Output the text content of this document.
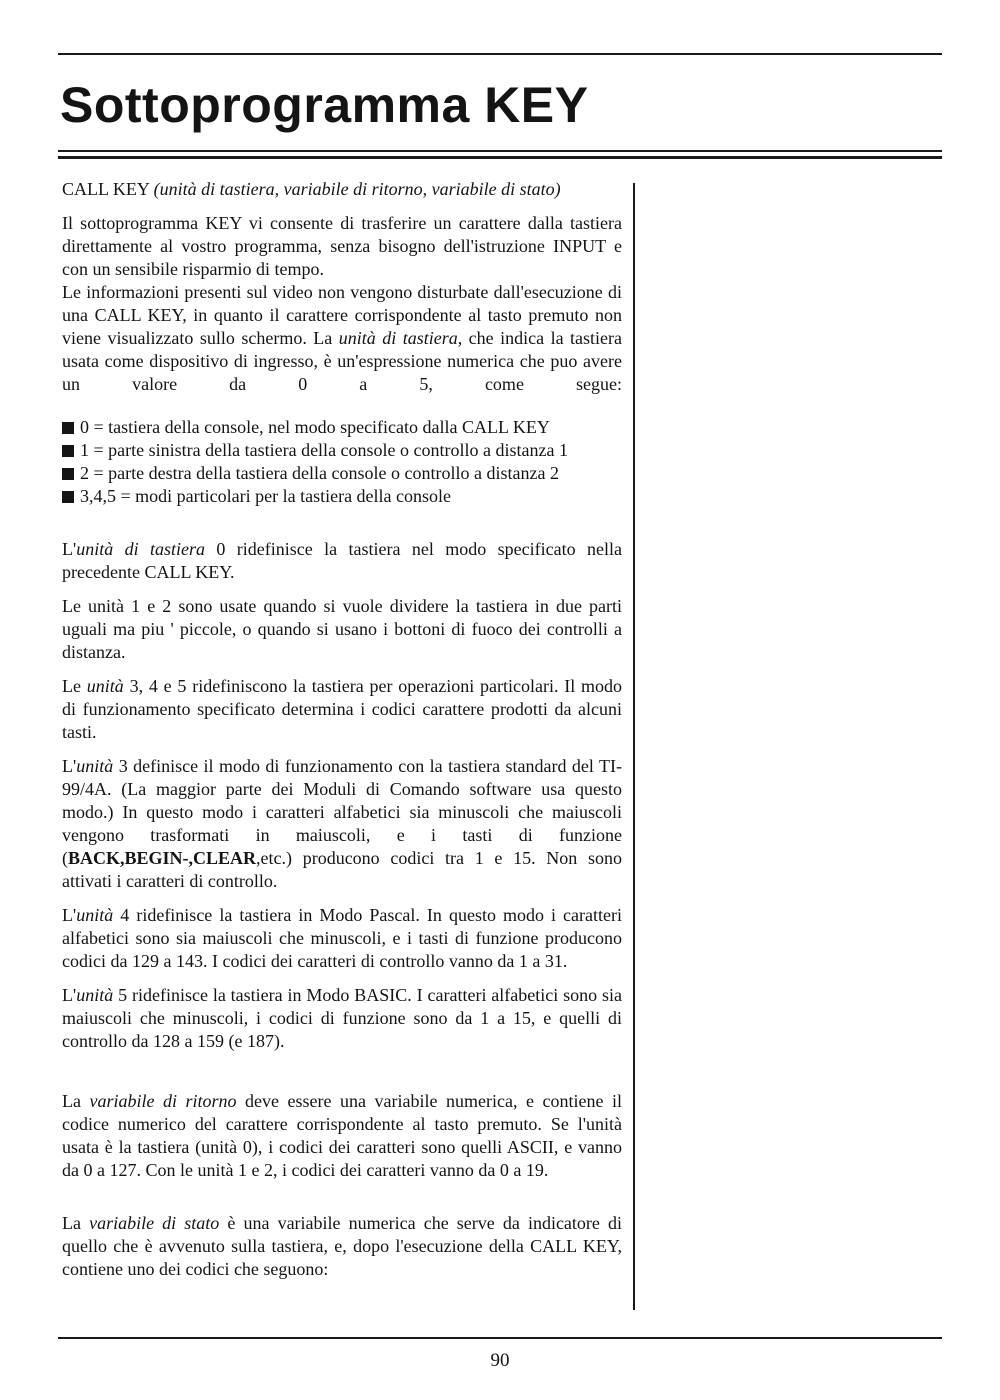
Sottoprogramma KEY

CALL KEY (unità di tastiera, variabile di ritorno, variabile di stato)

Il sottoprogramma KEY vi consente di trasferire un carattere dalla tastiera direttamente al vostro programma, senza bisogno dell'istruzione INPUT e con un sensibile risparmio di tempo.

Le informazioni presenti sul video non vengono disturbate dall'esecuzione di una CALL KEY, in quanto il carattere corrispondente al tasto premuto non viene visualizzato sullo schermo. La unità di tastiera, che indica la tastiera usata come dispositivo di ingresso, è un'espressione numerica che puo avere un valore da 0 a 5, come segue:

0 = tastiera della console, nel modo specificato dalla CALL KEY
1 = parte sinistra della tastiera della console o controllo a distanza 1
2 = parte destra della tastiera della console o controllo a distanza 2
3,4,5 = modi particolari per la tastiera della console

L'unità di tastiera 0 ridefinisce la tastiera nel modo specificato nella precedente CALL KEY.

Le unità 1 e 2 sono usate quando si vuole dividere la tastiera in due parti uguali ma piu ' piccole, o quando si usano i bottoni di fuoco dei controlli a distanza.

Le unità 3, 4 e 5 ridefiniscono la tastiera per operazioni particolari. Il modo di funzionamento specificato determina i codici carattere prodotti da alcuni tasti.

L'unità 3 definisce il modo di funzionamento con la tastiera standard del TI-99/4A. (La maggior parte dei Moduli di Comando software usa questo modo.) In questo modo i caratteri alfabetici sia minuscoli che maiuscoli vengono trasformati in maiuscoli, e i tasti di funzione (BACK,BEGIN-,CLEAR,etc.) producono codici tra 1 e 15. Non sono attivati i caratteri di controllo.

L'unità 4 ridefinisce la tastiera in Modo Pascal. In questo modo i caratteri alfabetici sono sia maiuscoli che minuscoli, e i tasti di funzione producono codici da 129 a 143. I codici dei caratteri di controllo vanno da 1 a 31.

L'unità 5 ridefinisce la tastiera in Modo BASIC. I caratteri alfabetici sono sia maiuscoli che minuscoli, i codici di funzione sono da 1 a 15, e quelli di controllo da 128 a 159 (e 187).

La variabile di ritorno deve essere una variabile numerica, e contiene il codice numerico del carattere corrispondente al tasto premuto. Se l'unità usata è la tastiera (unità 0), i codici dei caratteri sono quelli ASCII, e vanno da 0 a 127. Con le unità 1 e 2, i codici dei caratteri vanno da 0 a 19.

La variabile di stato è una variabile numerica che serve da indicatore di quello che è avvenuto sulla tastiera, e, dopo l'esecuzione della CALL KEY, contiene uno dei codici che seguono:

90
